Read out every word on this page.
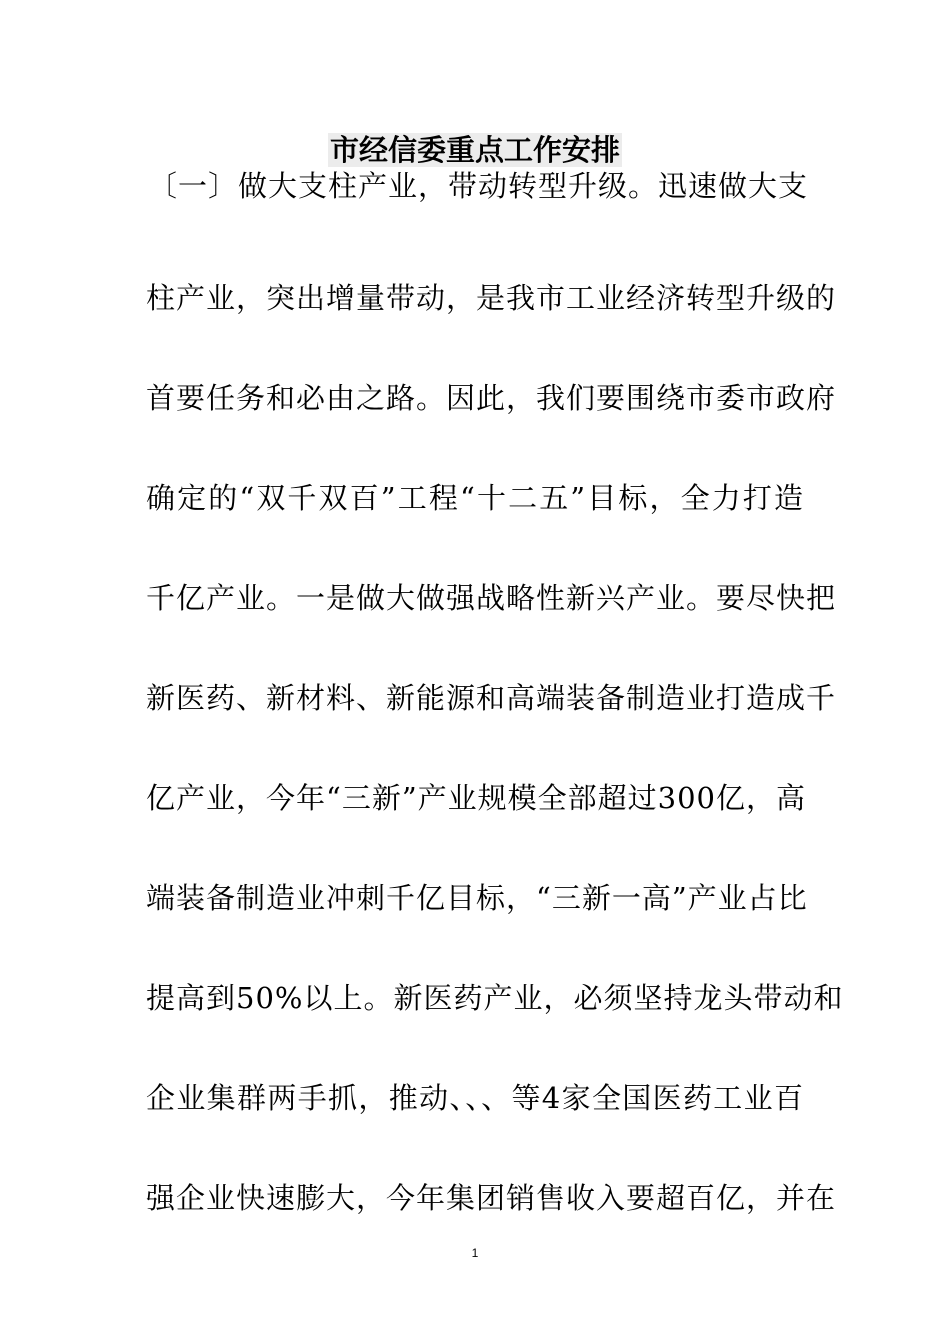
市经信委重点工作安排
〔一〕做大支柱产业，带动转型升级。迅速做大支
柱产业，突出增量带动，是我市工业经济转型升级的
首要任务和必由之路。因此，我们要围绕市委市政府
确定的“双千双百”工程“十二五”目标，全力打造
千亿产业。一是做大做强战略性新兴产业。要尽快把
新医药、新材料、新能源和高端装备制造业打造成千
亿产业，今年“三新”产业规模全部超过300亿，高
端装备制造业冲刺千亿目标，“三新一高”产业占比
提高到50%以上。新医药产业，必须坚持龙头带动和
企业集群两手抓，推动、、、等4家全国医药工业百
强企业快速膨大，今年集团销售收入要超百亿，并在
1
